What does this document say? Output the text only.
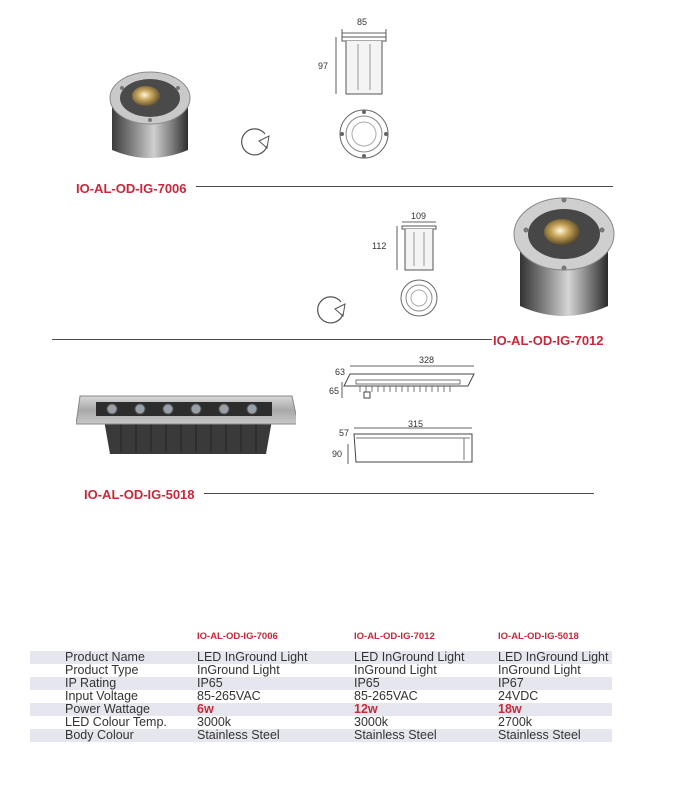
85
97
IO-AL-OD-IG-7006
109
112
IO-AL-OD-IG-7012
328
63
65
315
57
90
IO-AL-OD-IG-5018
	IO-AL-OD-IG-7006	IO-AL-OD-IG-7012	IO-AL-OD-IG-5018
Product Name	LED InGround Light	LED InGround Light	LED InGround Light
Product Type	InGround Light	InGround Light	InGround Light
IP Rating	IP65	IP65	IP67
Input Voltage	85-265VAC	85-265VAC	24VDC
Power Wattage	6w	12w	18w
LED Colour Temp.	3000k	3000k	2700k
Body Colour	Stainless Steel	Stainless Steel	Stainless Steel
